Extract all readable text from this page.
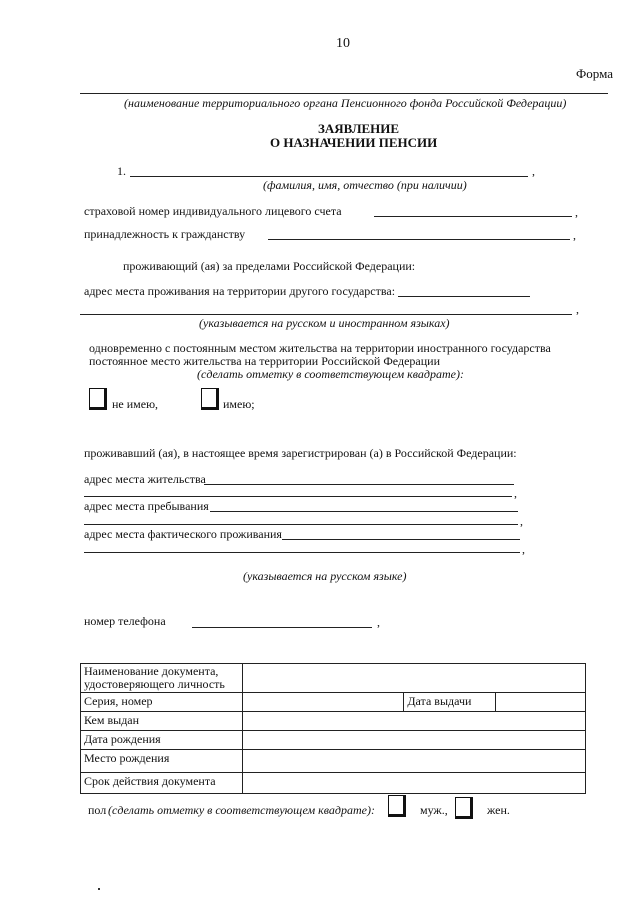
10
Форма
(наименование территориального органа Пенсионного фонда Российской Федерации)
ЗАЯВЛЕНИЕ
О НАЗНАЧЕНИИ ПЕНСИИ
1.	,
(фамилия, имя, отчество (при наличии)
страховой номер индивидуального лицевого счета	,
принадлежность к гражданству	,
проживающий (ая) за пределами Российской Федерации:
адрес места проживания на территории другого государства:
,
(указывается на русском и иностранном языках)
одновременно с постоянным местом жительства на территории иностранного государства
постоянное место жительства на территории Российской Федерации
(сделать отметку в соответствующем квадрате):
не имею,	имею;
проживавший (ая), в настоящее время зарегистрирован (а) в Российской Федерации:
адрес места жительства
,
адрес места пребывания
,
адрес места фактического проживания
,
(указывается на русском языке)
номер телефона	,
Наименование документа, удостоверяющего личность			
Серия, номер		Дата выдачи	
Кем выдан			
Дата рождения			
Место рождения			
Срок действия документа			
пол (сделать отметку в соответствующем квадрате):	муж.,	жен.
